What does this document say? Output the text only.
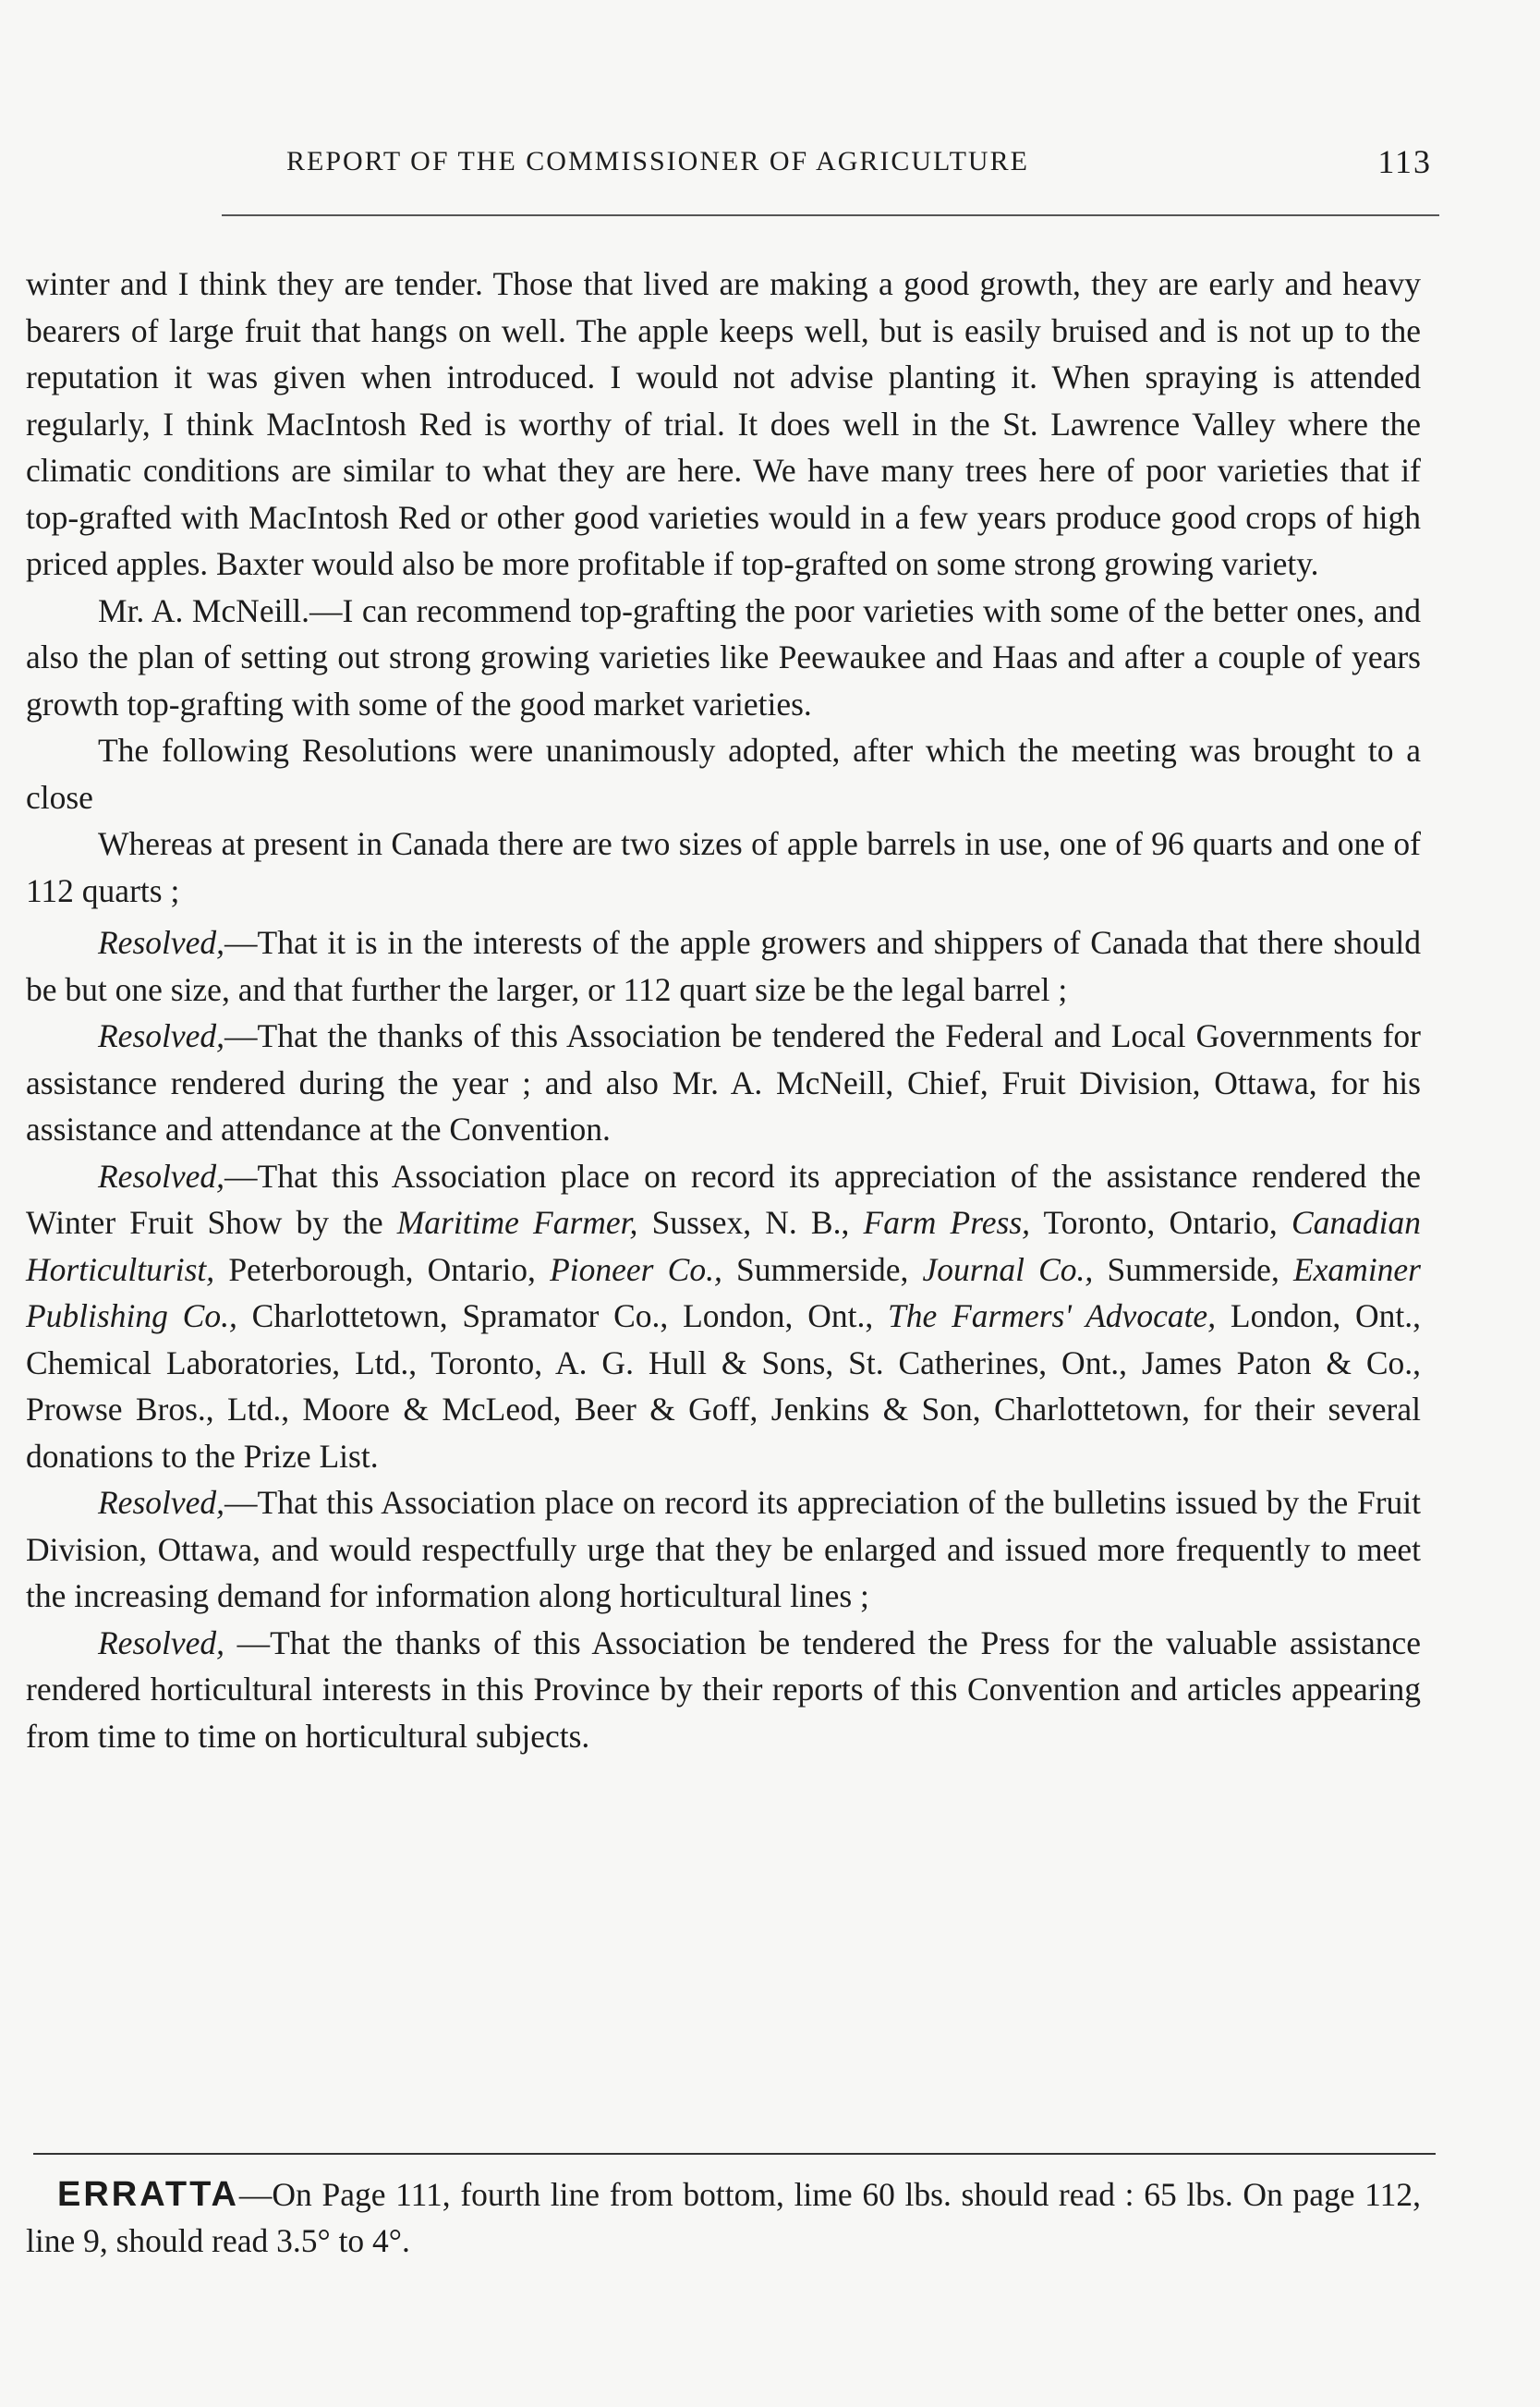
REPORT OF THE COMMISSIONER OF AGRICULTURE	113

winter and I think they are tender. Those that lived are making a good growth, they are early and heavy bearers of large fruit that hangs on well. The apple keeps well, but is easily bruised and is not up to the reputation it was given when introduced. I would not advise planting it. When spraying is attended regularly, I think MacIntosh Red is worthy of trial. It does well in the St. Lawrence Valley where the climatic conditions are similar to what they are here. We have many trees here of poor varieties that if top-grafted with MacIntosh Red or other good varieties would in a few years produce good crops of high priced apples. Baxter would also be more profitable if top-grafted on some strong growing variety.

Mr. A. McNeill.—I can recommend top-grafting the poor varieties with some of the better ones, and also the plan of setting out strong growing varieties like Peewaukee and Haas and after a couple of years growth top-grafting with some of the good market varieties.

The following Resolutions were unanimously adopted, after which the meeting was brought to a close

Whereas at present in Canada there are two sizes of apple barrels in use, one of 96 quarts and one of 112 quarts ;

Resolved,—That it is in the interests of the apple growers and shippers of Canada that there should be but one size, and that further the larger, or 112 quart size be the legal barrel ;

Resolved,—That the thanks of this Association be tendered the Federal and Local Governments for assistance rendered during the year ; and also Mr. A. McNeill, Chief, Fruit Division, Ottawa, for his assistance and attendance at the Convention.

Resolved,—That this Association place on record its appreciation of the assistance rendered the Winter Fruit Show by the Maritime Farmer, Sussex, N. B., Farm Press, Toronto, Ontario, Canadian Horticulturist, Peterborough, Ontario, Pioneer Co., Summerside, Journal Co., Summerside, Examiner Publishing Co., Charlottetown, Spramator Co., London, Ont., The Farmers' Advocate, London, Ont., Chemical Laboratories, Ltd., Toronto, A. G. Hull & Sons, St. Catherines, Ont., James Paton & Co., Prowse Bros., Ltd., Moore & McLeod, Beer & Goff, Jenkins & Son, Charlottetown, for their several donations to the Prize List.

Resolved,—That this Association place on record its appreciation of the bulletins issued by the Fruit Division, Ottawa, and would respectfully urge that they be enlarged and issued more frequently to meet the increasing demand for information along horticultural lines ;

Resolved, —That the thanks of this Association be tendered the Press for the valuable assistance rendered horticultural interests in this Province by their reports of this Convention and articles appearing from time to time on horticultural subjects.

ERRATTA—On Page 111, fourth line from bottom, lime 60 lbs. should read : 65 lbs. On page 112, line 9, should read 3.5° to 4°.
